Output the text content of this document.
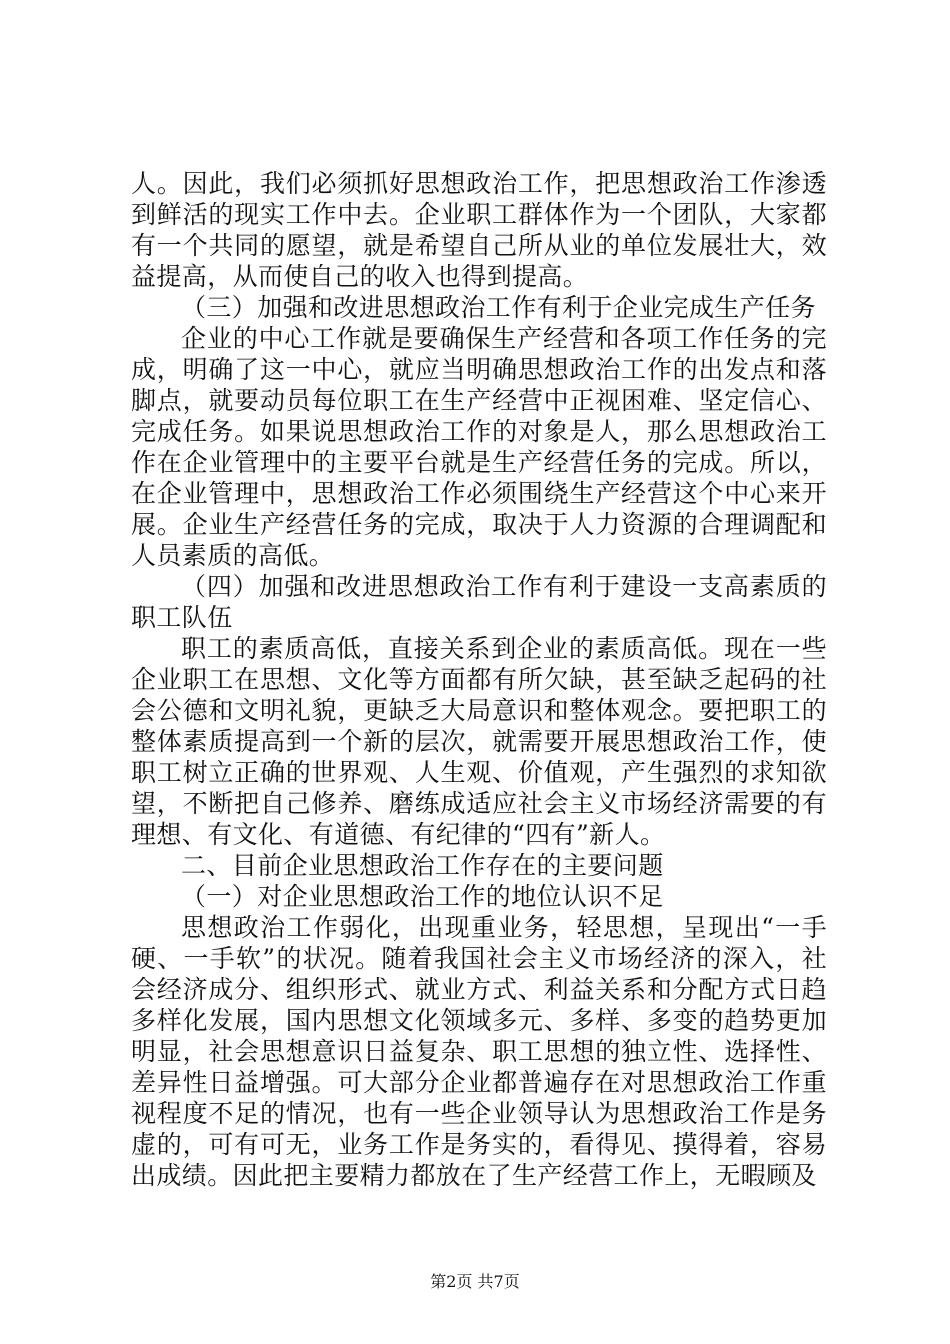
人。因此，我们必须抓好思想政治工作，把思想政治工作渗透到鲜活的现实工作中去。企业职工群体作为一个团队，大家都有一个共同的愿望，就是希望自己所从业的单位发展壮大，效益提高，从而使自己的收入也得到提高。

（三）加强和改进思想政治工作有利于企业完成生产任务

企业的中心工作就是要确保生产经营和各项工作任务的完成，明确了这一中心，就应当明确思想政治工作的出发点和落脚点，就要动员每位职工在生产经营中正视困难、坚定信心、完成任务。如果说思想政治工作的对象是人，那么思想政治工作在企业管理中的主要平台就是生产经营任务的完成。所以，在企业管理中，思想政治工作必须围绕生产经营这个中心来开展。企业生产经营任务的完成，取决于人力资源的合理调配和人员素质的高低。

（四）加强和改进思想政治工作有利于建设一支高素质的职工队伍

职工的素质高低，直接关系到企业的素质高低。现在一些企业职工在思想、文化等方面都有所欠缺，甚至缺乏起码的社会公德和文明礼貌，更缺乏大局意识和整体观念。要把职工的整体素质提高到一个新的层次，就需要开展思想政治工作，使职工树立正确的世界观、人生观、价值观，产生强烈的求知欲望，不断把自己修养、磨练成适应社会主义市场经济需要的有理想、有文化、有道德、有纪律的“四有”新人。

二、目前企业思想政治工作存在的主要问题

（一）对企业思想政治工作的地位认识不足

思想政治工作弱化，出现重业务，轻思想，呈现出“一手硬、一手软”的状况。随着我国社会主义市场经济的深入，社会经济成分、组织形式、就业方式、利益关系和分配方式日趋多样化发展，国内思想文化领域多元、多样、多变的趋势更加明显，社会思想意识日益复杂、职工思想的独立性、选择性、差异性日益增强。可大部分企业都普遍存在对思想政治工作重视程度不足的情况，也有一些企业领导认为思想政治工作是务虚的，可有可无，业务工作是务实的，看得见、摸得着，容易出成绩。因此把主要精力都放在了生产经营工作上，无暇顾及

第2页 共7页
